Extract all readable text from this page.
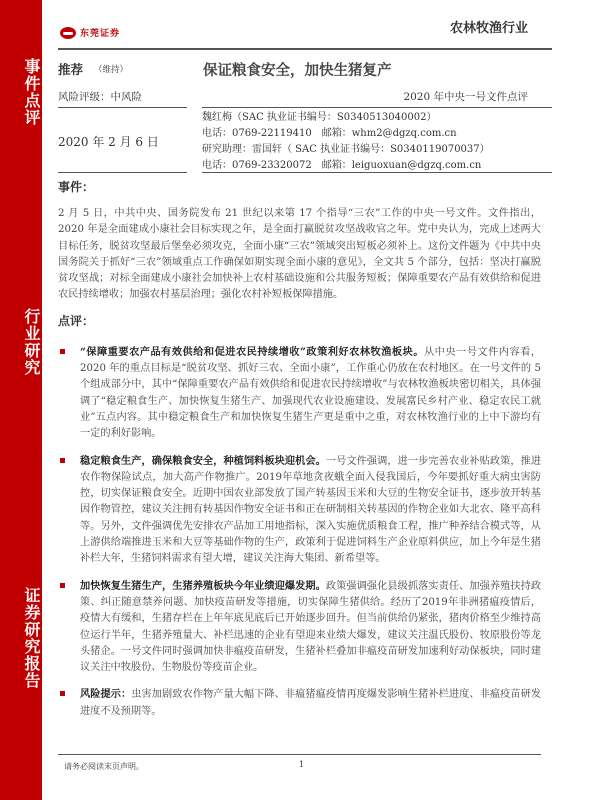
事件点评
行业研究
证券研究报告
东莞证券	农林牧渔行业
推荐 （维持）	保证粮食安全，加快生猪复产
风险评级：中风险	2020 年中央一号文件点评
2020 年 2 月 6 日
魏红梅（SAC 执业证书编号：S0340513040002）
电话：0769-22119410　邮箱：whm2@dgzq.com.cn
研究助理：雷国轩（ SAC 执业证书编号：S0340119070037）
电话：0769-23320072　邮箱：leiguoxuan@dgzq.com.cn
事件：
2 月 5 日，中共中央、国务院发布 21 世纪以来第 17 个指导“三农”工作的中央一号文件。文件指出，2020 年是全面建成小康社会目标实现之年，是全面打赢脱贫攻坚战收官之年。党中央认为，完成上述两大目标任务，脱贫攻坚最后堡垒必须攻克，全面小康“三农”领域突出短板必须补上。这份文件题为《中共中央国务院关于抓好“三农”领域重点工作确保如期实现全面小康的意见》，全文共 5 个部分，包括：坚决打赢脱贫攻坚战；对标全面建成小康社会加快补上农村基础设施和公共服务短板；保障重要农产品有效供给和促进农民持续增收；加强农村基层治理；强化农村补短板保障措施。
点评：
“保障重要农产品有效供给和促进农民持续增收”政策利好农林牧渔板块。从中央一号文件内容看，2020 年的重点目标是“脱贫攻坚、抓好三农、全面小康”，工作重心仍放在农村地区。在一号文件的 5 个组成部分中，其中“保障重要农产品有效供给和促进农民持续增收”与农林牧渔板块密切相关，具体强调了“稳定粮食生产、加快恢复生猪生产、加强现代农业设施建设、发展富民乡村产业、稳定农民工就业”五点内容。其中稳定粮食生产和加快恢复生猪生产更是重中之重，对农林牧渔行业的上中下游均有一定的利好影响。
稳定粮食生产，确保粮食安全，种植饲料板块迎机会。一号文件强调，进一步完善农业补贴政策，推进农作物保险试点，加大高产作物推广。2019年草地贪夜蛾全面入侵我国后，今年要抓好重大病虫害防控，切实保证粮食安全。近期中国农业部发放了国产转基因玉米和大豆的生物安全证书，逐步放开转基因作物管控，建议关注拥有转基因作物安全证书和正在研制相关转基因的作物企业如大北农、隆平高科等。另外，文件强调优先安排农产品加工用地指标，深入实施优质粮食工程，推广种养结合模式等，从上游供给端推进玉米和大豆等基础作物的生产，政策利于促进饲料生产企业原料供应，加上今年是生猪补栏大年，生猪饲料需求有望大增，建议关注海大集团、新希望等。
加快恢复生猪生产，生猪养殖板块今年业绩迎爆发期。政策强调强化县级抓落实责任、加强养殖扶持政策、纠正随意禁养问题、加快疫苗研发等措施，切实保障生猪供给。经历了2019年非洲猪瘟疫情后，疫情大有缓和，生猪存栏在上年年底见底后已开始逐步回升。但当前供给仍紧张，猪肉价格至少维持高位运行半年，生猪养殖量大、补栏迅速的企业有望迎来业绩大爆发，建议关注温氏股份、牧原股份等龙头猪企。一号文件同时强调加快非瘟疫苗研发，生猪补栏叠加非瘟疫苗研发加速利好动保板块，同时建议关注中牧股份、生物股份等疫苗企业。
风险提示：虫害加剧致农作物产量大幅下降、非瘟猪瘟疫情再度爆发影响生猪补栏进度、非瘟疫苗研发进度不及预期等。
请务必阅读末页声明。	1
